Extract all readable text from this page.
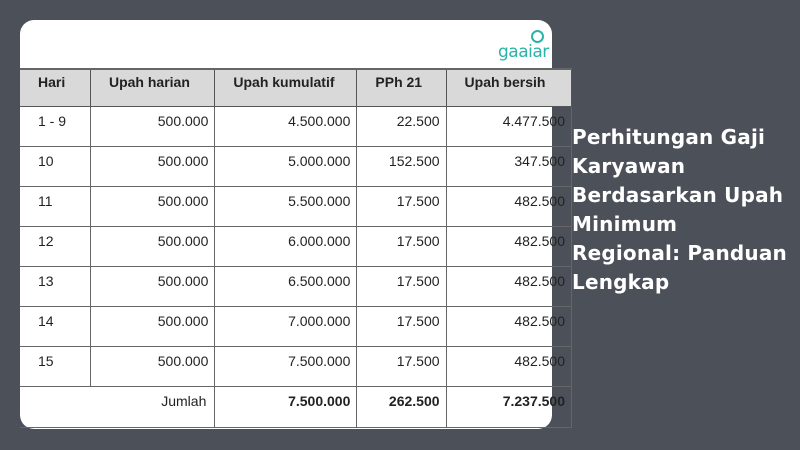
gaaiar
Hari	Upah harian	Upah kumulatif	PPh 21	Upah bersih
1 - 9	500.000	4.500.000	22.500	4.477.500
10	500.000	5.000.000	152.500	347.500
11	500.000	5.500.000	17.500	482.500
12	500.000	6.000.000	17.500	482.500
13	500.000	6.500.000	17.500	482.500
14	500.000	7.000.000	17.500	482.500
15	500.000	7.500.000	17.500	482.500
Jumlah		7.500.000	262.500	7.237.500
Perhitungan Gaji Karyawan Berdasarkan Upah Minimum Regional: Panduan Lengkap
